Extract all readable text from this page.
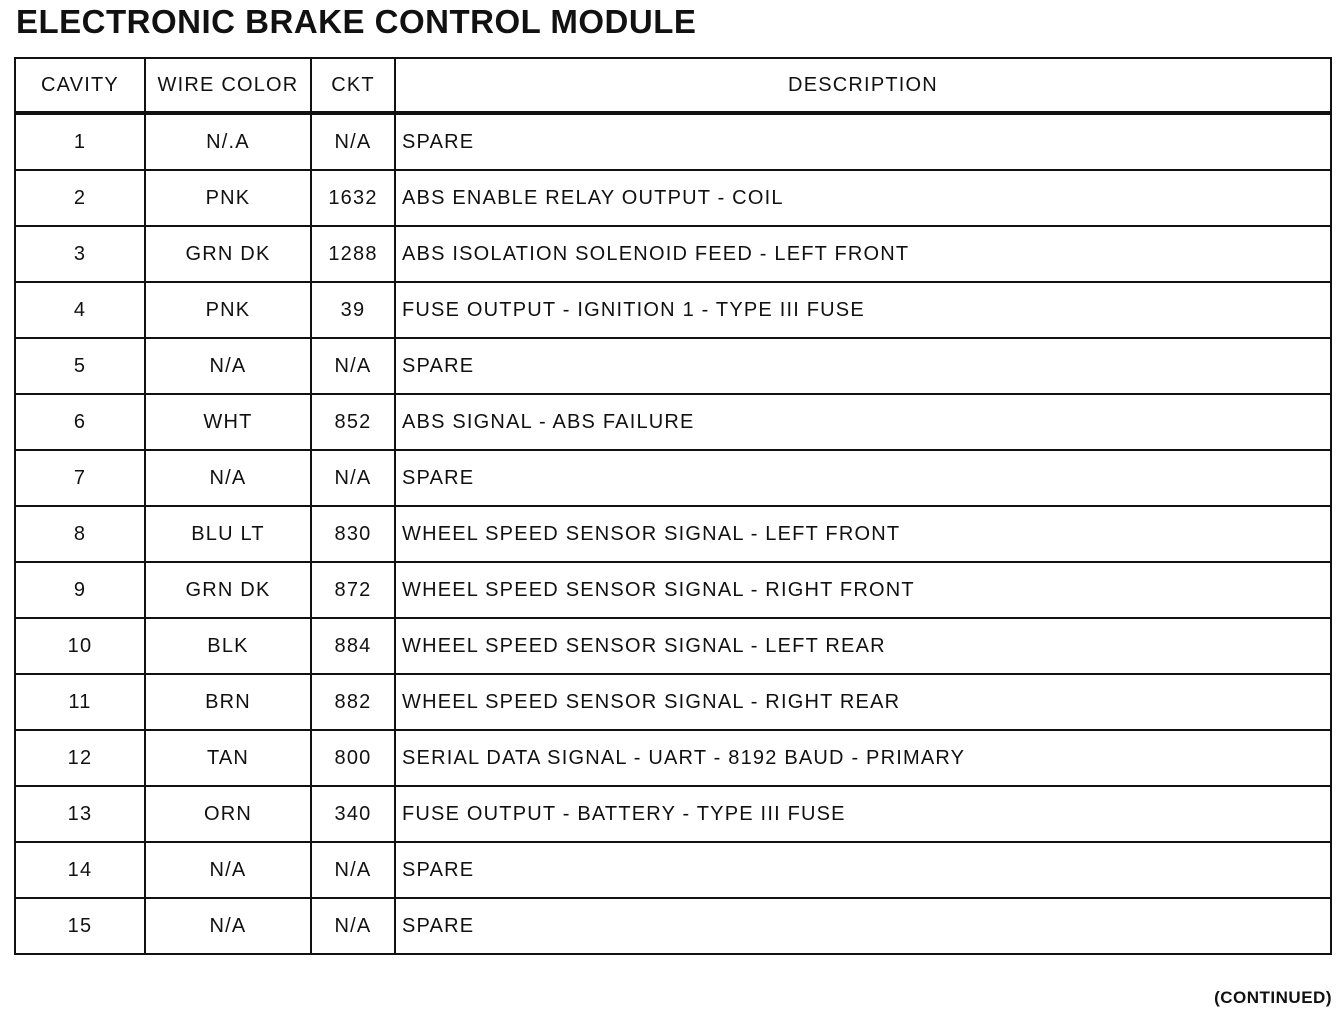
ELECTRONIC BRAKE CONTROL MODULE
CAVITY	WIRE COLOR	CKT	DESCRIPTION
1	N/.A	N/A	SPARE
2	PNK	1632	ABS ENABLE RELAY OUTPUT - COIL
3	GRN DK	1288	ABS ISOLATION SOLENOID FEED - LEFT FRONT
4	PNK	39	FUSE OUTPUT - IGNITION 1 - TYPE III FUSE
5	N/A	N/A	SPARE
6	WHT	852	ABS SIGNAL - ABS FAILURE
7	N/A	N/A	SPARE
8	BLU LT	830	WHEEL SPEED SENSOR SIGNAL - LEFT FRONT
9	GRN DK	872	WHEEL SPEED SENSOR SIGNAL - RIGHT FRONT
10	BLK	884	WHEEL SPEED SENSOR SIGNAL - LEFT REAR
11	BRN	882	WHEEL SPEED SENSOR SIGNAL - RIGHT REAR
12	TAN	800	SERIAL DATA SIGNAL - UART - 8192 BAUD - PRIMARY
13	ORN	340	FUSE OUTPUT - BATTERY - TYPE III FUSE
14	N/A	N/A	SPARE
15	N/A	N/A	SPARE
(CONTINUED)
